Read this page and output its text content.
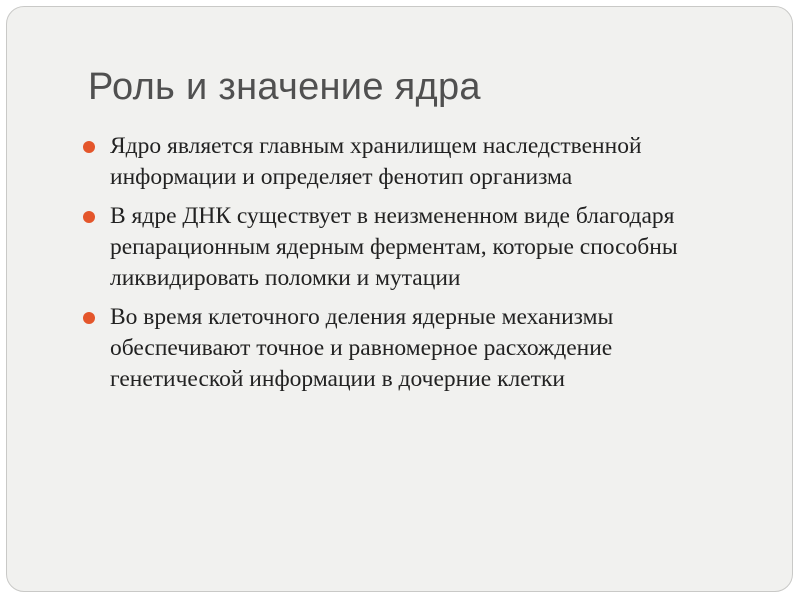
Роль и значение ядра
Ядро является главным хранилищем наследственной информации и определяет фенотип организма
В ядре ДНК существует в неизмененном виде благодаря репарационным ядерным ферментам, которые способны ликвидировать поломки и мутации
Во время клеточного деления ядерные механизмы обеспечивают точное и равномерное расхождение генетической информации в дочерние клетки
